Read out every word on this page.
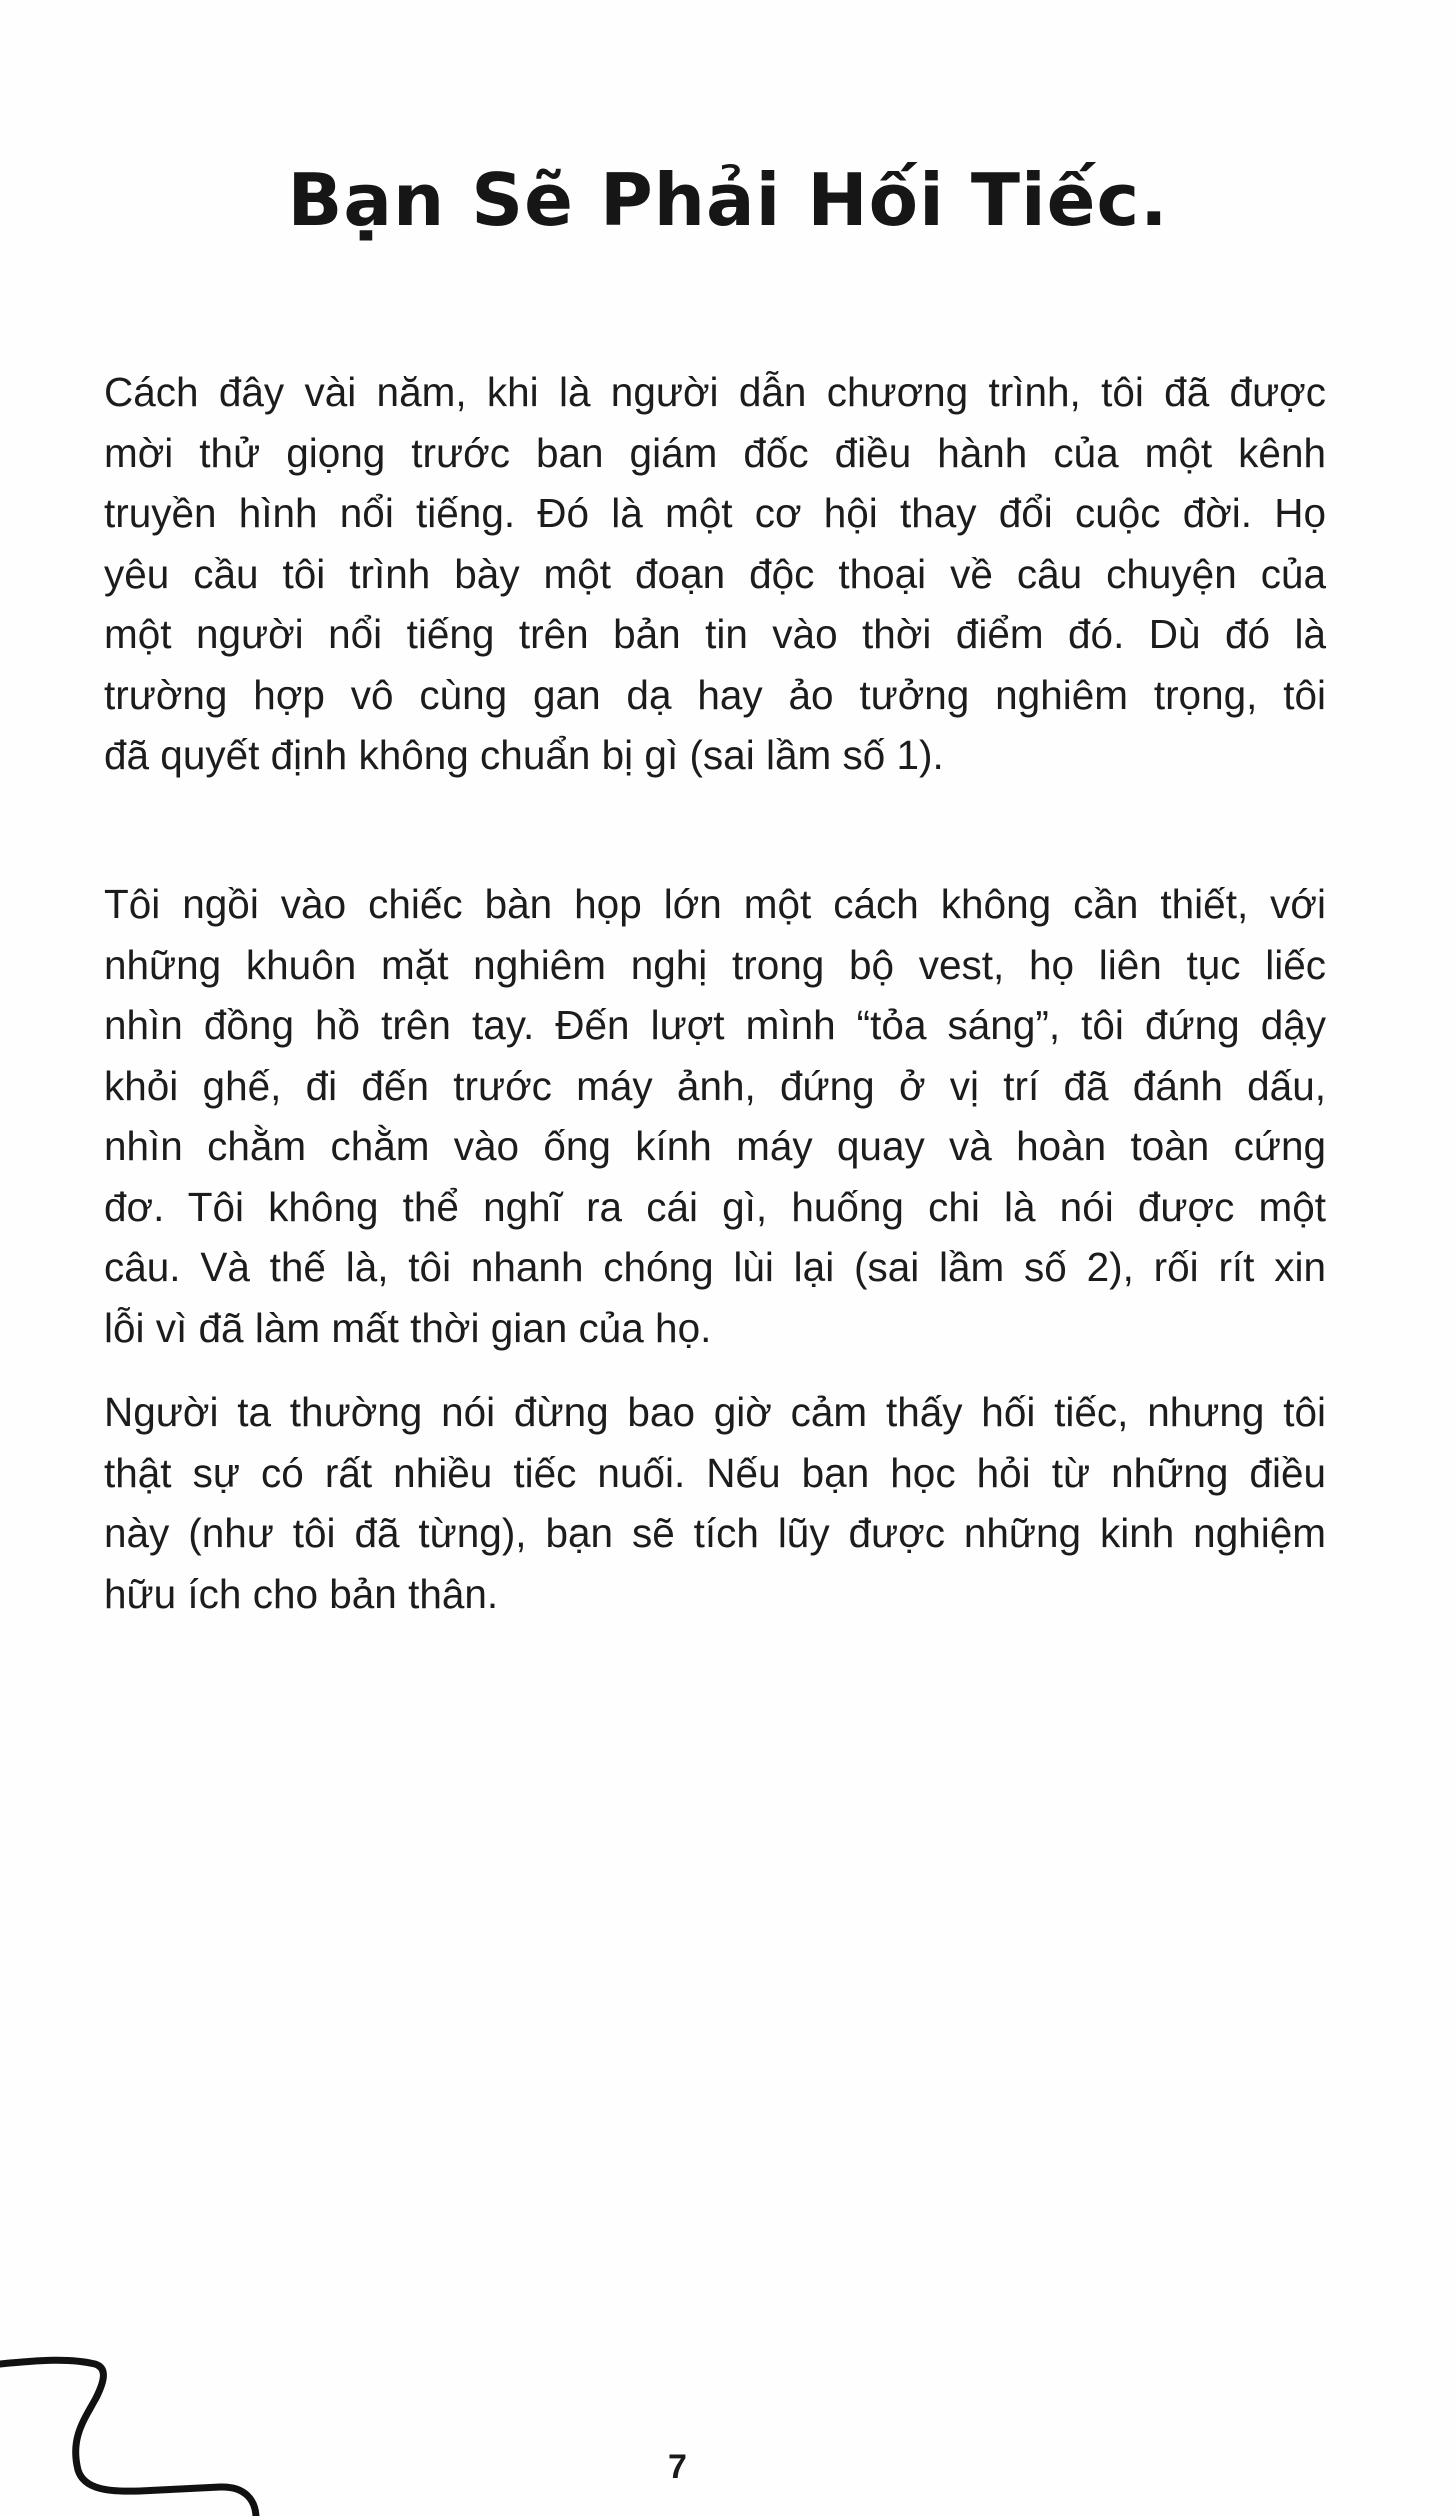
Bạn Sẽ Phải Hối Tiếc.
Cách đây vài năm, khi là người dẫn chương trình, tôi đã được
mời thử giọng trước ban giám đốc điều hành của một kênh
truyền hình nổi tiếng. Đó là một cơ hội thay đổi cuộc đời. Họ
yêu cầu tôi trình bày một đoạn độc thoại về câu chuyện của
một người nổi tiếng trên bản tin vào thời điểm đó. Dù đó là
trường hợp vô cùng gan dạ hay ảo tưởng nghiêm trọng, tôi
đã quyết định không chuẩn bị gì (sai lầm số 1).
Tôi ngồi vào chiếc bàn họp lớn một cách không cần thiết, với
những khuôn mặt nghiêm nghị trong bộ vest, họ liên tục liếc
nhìn đồng hồ trên tay. Đến lượt mình “tỏa sáng”, tôi đứng dậy
khỏi ghế, đi đến trước máy ảnh, đứng ở vị trí đã đánh dấu,
nhìn chằm chằm vào ống kính máy quay và hoàn toàn cứng
đơ. Tôi không thể nghĩ ra cái gì, huống chi là nói được một
câu. Và thế là, tôi nhanh chóng lùi lại (sai lầm số 2), rối rít xin
lỗi vì đã làm mất thời gian của họ.
Người ta thường nói đừng bao giờ cảm thấy hối tiếc, nhưng tôi
thật sự có rất nhiều tiếc nuối. Nếu bạn học hỏi từ những điều
này (như tôi đã từng), bạn sẽ tích lũy được những kinh nghiệm
hữu ích cho bản thân.
7
